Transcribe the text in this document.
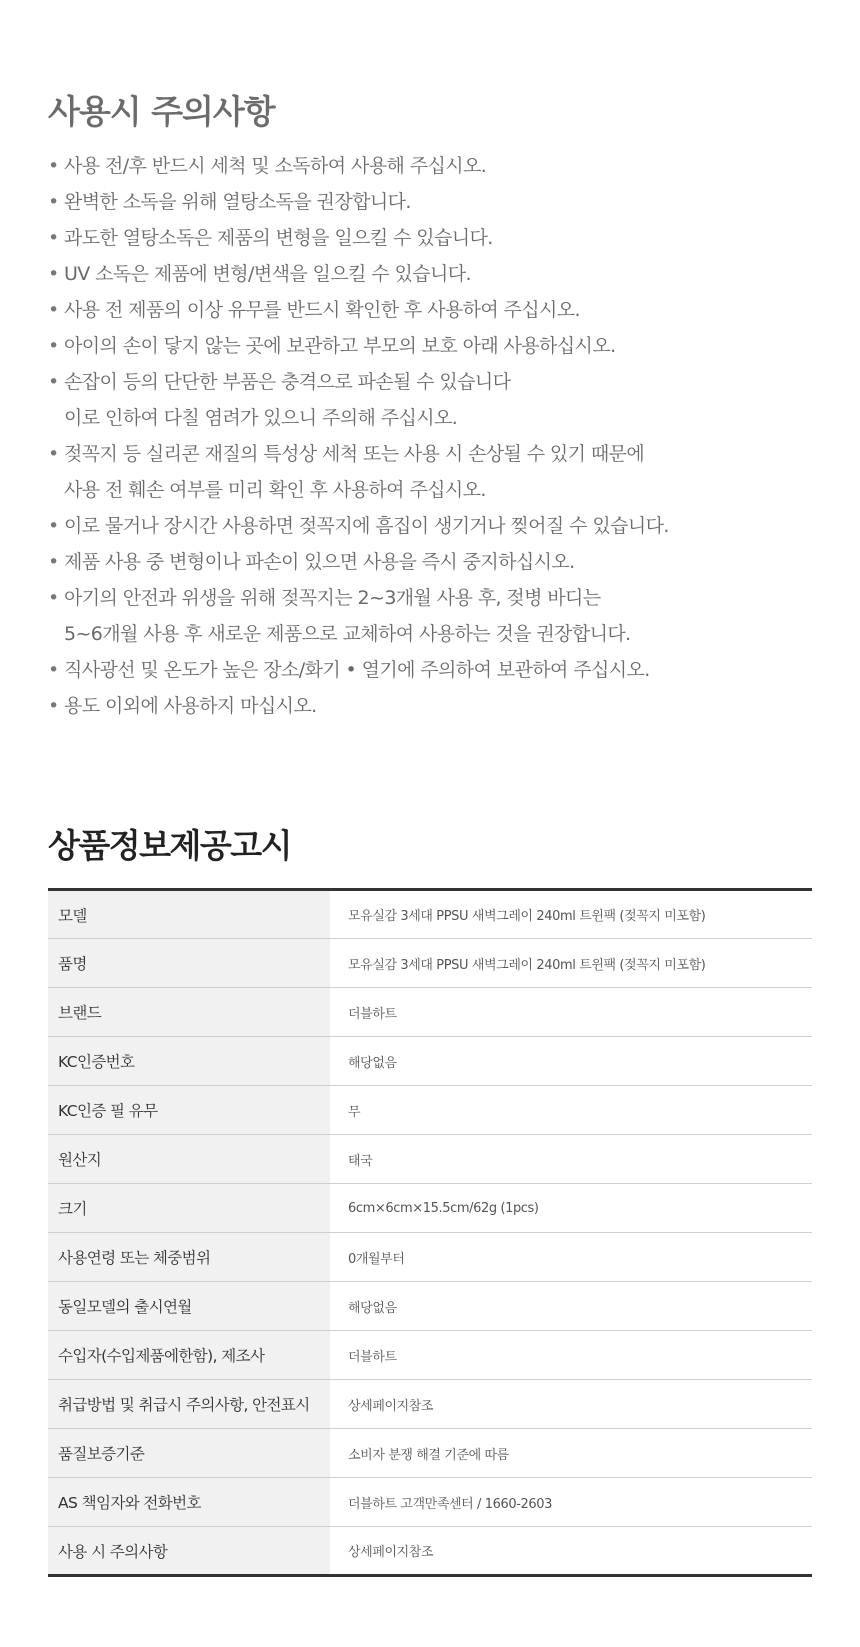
사용시 주의사항
• 사용 전/후 반드시 세척 및 소독하여 사용해 주십시오.
• 완벽한 소독을 위해 열탕소독을 권장합니다.
• 과도한 열탕소독은 제품의 변형을 일으킬 수 있습니다.
• UV 소독은 제품에 변형/변색을 일으킬 수 있습니다.
• 사용 전 제품의 이상 유무를 반드시 확인한 후 사용하여 주십시오.
• 아이의 손이 닿지 않는 곳에 보관하고 부모의 보호 아래 사용하십시오.
• 손잡이 등의 단단한 부품은 충격으로 파손될 수 있습니다
이로 인하여 다칠 염려가 있으니 주의해 주십시오.
• 젖꼭지 등 실리콘 재질의 특성상 세척 또는 사용 시 손상될 수 있기 때문에
사용 전 훼손 여부를 미리 확인 후 사용하여 주십시오.
• 이로 물거나 장시간 사용하면 젖꼭지에 흠집이 생기거나 찢어질 수 있습니다.
• 제품 사용 중 변형이나 파손이 있으면 사용을 즉시 중지하십시오.
• 아기의 안전과 위생을 위해 젖꼭지는 2~3개월 사용 후, 젖병 바디는
5~6개월 사용 후 새로운 제품으로 교체하여 사용하는 것을 권장합니다.
• 직사광선 및 온도가 높은 장소/화기 • 열기에 주의하여 보관하여 주십시오.
• 용도 이외에 사용하지 마십시오.
상품정보제공고시
모델	모유실감 3세대 PPSU 새벽그레이 240ml 트윈팩 (젖꼭지 미포함)
품명	모유실감 3세대 PPSU 새벽그레이 240ml 트윈팩 (젖꼭지 미포함)
브랜드	더블하트
KC인증번호	해당없음
KC인증 필 유무	무
원산지	태국
크기	6cm×6cm×15.5cm/62g (1pcs)
사용연령 또는 체중범위	0개월부터
동일모델의 출시연월	해당없음
수입자(수입제품에한함), 제조사	더블하트
취급방법 및 취급시 주의사항, 안전표시	상세페이지참조
품질보증기준	소비자 분쟁 해결 기준에 따름
AS 책임자와 전화번호	더블하트 고객만족센터 / 1660-2603
사용 시 주의사항	상세페이지참조
